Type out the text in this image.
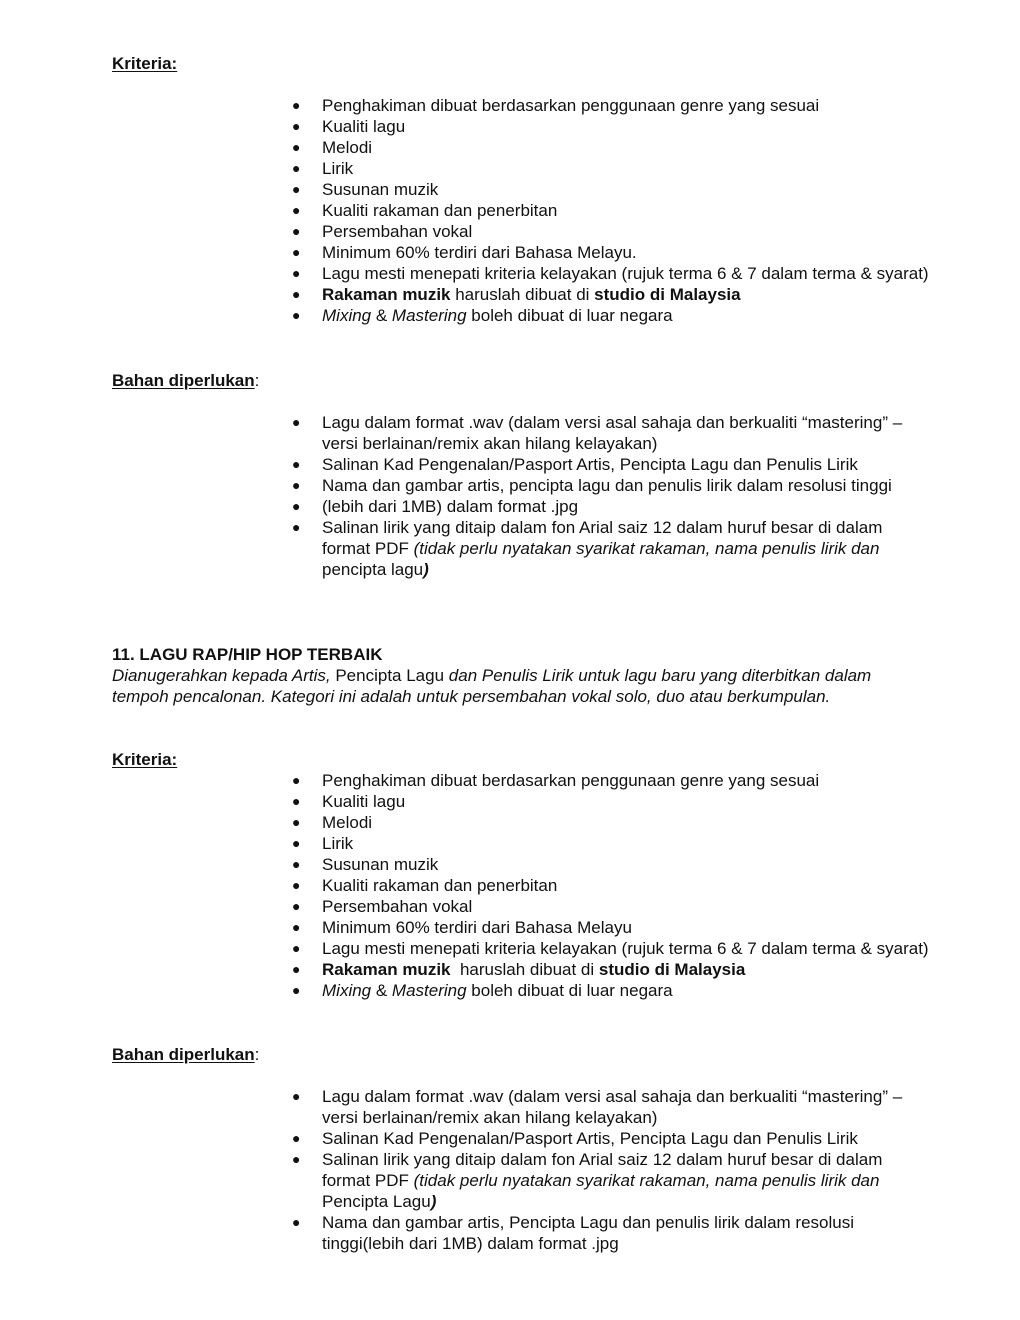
Kriteria:

● Penghakiman dibuat berdasarkan penggunaan genre yang sesuai
● Kualiti lagu
● Melodi
● Lirik
● Susunan muzik
● Kualiti rakaman dan penerbitan
● Persembahan vokal
● Minimum 60% terdiri dari Bahasa Melayu.
● Lagu mesti menepati kriteria kelayakan (rujuk terma 6 & 7 dalam terma & syarat)
● Rakaman muzik haruslah dibuat di studio di Malaysia
● Mixing & Mastering boleh dibuat di luar negara

Bahan diperlukan:

● Lagu dalam format .wav (dalam versi asal sahaja dan berkualiti “mastering” – versi berlainan/remix akan hilang kelayakan)
● Salinan Kad Pengenalan/Pasport Artis, Pencipta Lagu dan Penulis Lirik
● Nama dan gambar artis, pencipta lagu dan penulis lirik dalam resolusi tinggi
● (lebih dari 1MB) dalam format .jpg
● Salinan lirik yang ditaip dalam fon Arial saiz 12 dalam huruf besar di dalam format PDF (tidak perlu nyatakan syarikat rakaman, nama penulis lirik dan pencipta lagu)

11. LAGU RAP/HIP HOP TERBAIK

Dianugerahkan kepada Artis, Pencipta Lagu dan Penulis Lirik untuk lagu baru yang diterbitkan dalam tempoh pencalonan. Kategori ini adalah untuk persembahan vokal solo, duo atau berkumpulan.

Kriteria:

● Penghakiman dibuat berdasarkan penggunaan genre yang sesuai
● Kualiti lagu
● Melodi
● Lirik
● Susunan muzik
● Kualiti rakaman dan penerbitan
● Persembahan vokal
● Minimum 60% terdiri dari Bahasa Melayu
● Lagu mesti menepati kriteria kelayakan (rujuk terma 6 & 7 dalam terma & syarat)
● Rakaman muzik  haruslah dibuat di studio di Malaysia
● Mixing & Mastering boleh dibuat di luar negara

Bahan diperlukan:

● Lagu dalam format .wav (dalam versi asal sahaja dan berkualiti “mastering” – versi berlainan/remix akan hilang kelayakan)
● Salinan Kad Pengenalan/Pasport Artis, Pencipta Lagu dan Penulis Lirik
● Salinan lirik yang ditaip dalam fon Arial saiz 12 dalam huruf besar di dalam format PDF (tidak perlu nyatakan syarikat rakaman, nama penulis lirik dan Pencipta Lagu)
● Nama dan gambar artis, Pencipta Lagu dan penulis lirik dalam resolusi tinggi(lebih dari 1MB) dalam format .jpg
